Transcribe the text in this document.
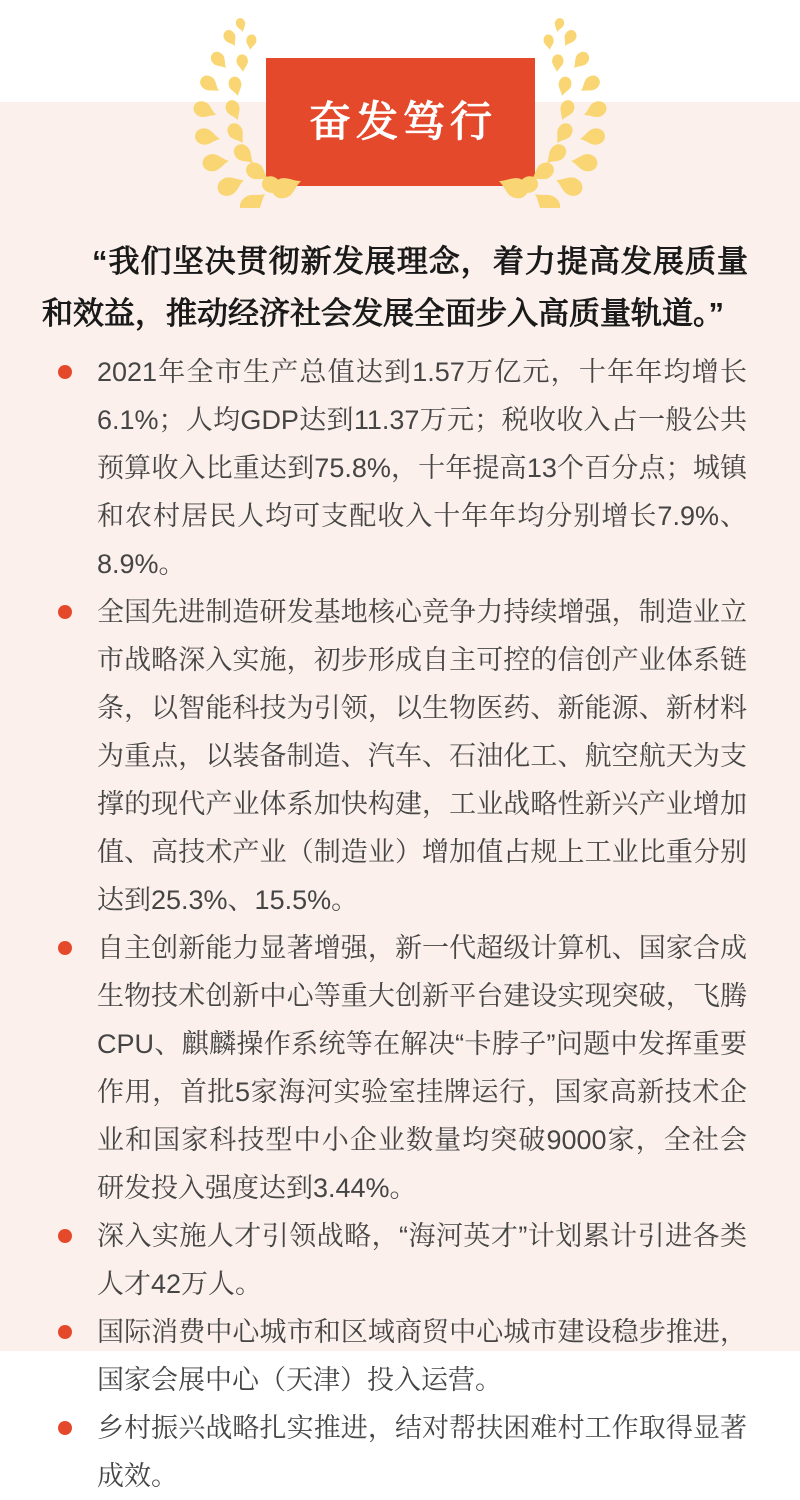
奋发笃行

“我们坚决贯彻新发展理念，着力提高发展质量和效益，推动经济社会发展全面步入高质量轨道。”

2021年全市生产总值达到1.57万亿元，十年年均增长6.1%；人均GDP达到11.37万元；税收收入占一般公共预算收入比重达到75.8%，十年提高13个百分点；城镇和农村居民人均可支配收入十年年均分别增长7.9%、8.9%。
全国先进制造研发基地核心竞争力持续增强，制造业立市战略深入实施，初步形成自主可控的信创产业体系链条，以智能科技为引领，以生物医药、新能源、新材料为重点，以装备制造、汽车、石油化工、航空航天为支撑的现代产业体系加快构建，工业战略性新兴产业增加值、高技术产业（制造业）增加值占规上工业比重分别达到25.3%、15.5%。
自主创新能力显著增强，新一代超级计算机、国家合成生物技术创新中心等重大创新平台建设实现突破，飞腾CPU、麒麟操作系统等在解决“卡脖子”问题中发挥重要作用，首批5家海河实验室挂牌运行，国家高新技术企业和国家科技型中小企业数量均突破9000家，全社会研发投入强度达到3.44%。
深入实施人才引领战略，“海河英才”计划累计引进各类人才42万人。
国际消费中心城市和区域商贸中心城市建设稳步推进，国家会展中心（天津）投入运营。
乡村振兴战略扎实推进，结对帮扶困难村工作取得显著成效。
